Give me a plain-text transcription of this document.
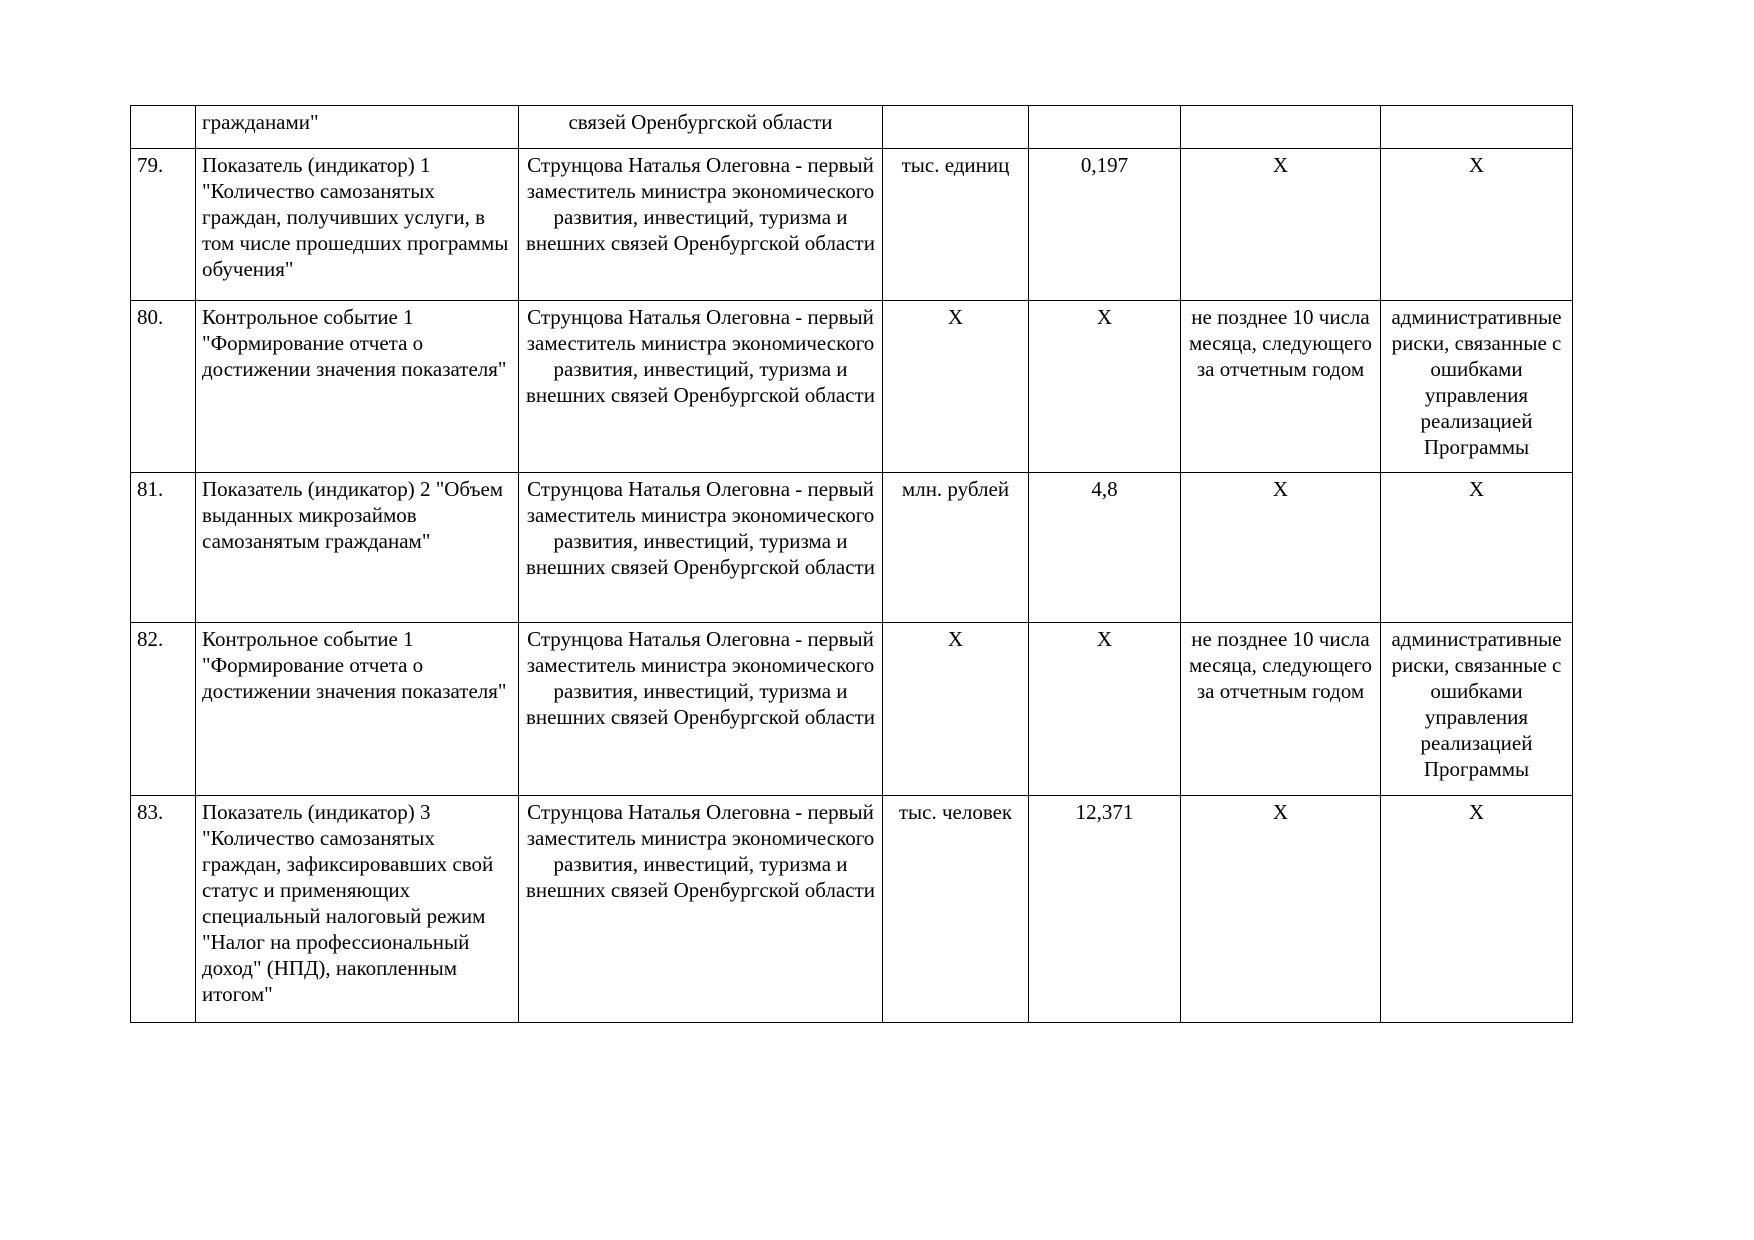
	гражданами"	связей Оренбургской области				
79.	Показатель (индикатор) 1 "Количество самозанятых граждан, получивших услуги, в том числе прошедших программы обучения"	Струнцова Наталья Олеговна - первый заместитель министра экономического развития, инвестиций, туризма и внешних связей Оренбургской области	тыс. единиц	0,197	Х	Х
80.	Контрольное событие 1 "Формирование отчета о достижении значения показателя"	Струнцова Наталья Олеговна - первый заместитель министра экономического развития, инвестиций, туризма и внешних связей Оренбургской области	Х	Х	не позднее 10 числа месяца, следующего за отчетным годом	административные риски, связанные с ошибками управления реализацией Программы
81.	Показатель (индикатор) 2 "Объем выданных микрозаймов самозанятым гражданам"	Струнцова Наталья Олеговна - первый заместитель министра экономического развития, инвестиций, туризма и внешних связей Оренбургской области	млн. рублей	4,8	Х	Х
82.	Контрольное событие 1 "Формирование отчета о достижении значения показателя"	Струнцова Наталья Олеговна - первый заместитель министра экономического развития, инвестиций, туризма и внешних связей Оренбургской области	Х	Х	не позднее 10 числа месяца, следующего за отчетным годом	административные риски, связанные с ошибками управления реализацией Программы
83.	Показатель (индикатор) 3 "Количество самозанятых граждан, зафиксировавших свой статус и применяющих специальный налоговый режим "Налог на профессиональный доход" (НПД), накопленным итогом"	Струнцова Наталья Олеговна - первый заместитель министра экономического развития, инвестиций, туризма и внешних связей Оренбургской области	тыс. человек	12,371	Х	Х
